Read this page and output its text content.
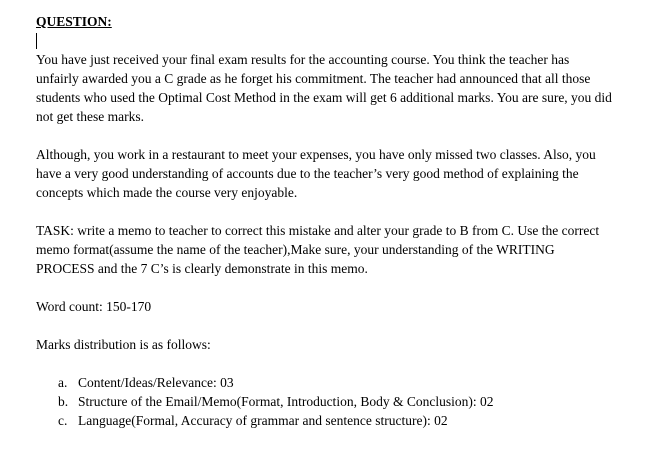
QUESTION:

You have just received your final exam results for the accounting course. You think the teacher has unfairly awarded you a C grade as he forget his commitment. The teacher had announced that all those students who used the Optimal Cost Method in the exam will get 6 additional marks. You are sure, you did not get these marks.

Although, you work in a restaurant to meet your expenses, you have only missed two classes. Also, you have a very good understanding of accounts due to the teacher’s very good method of explaining the concepts which made the course very enjoyable.

TASK: write a memo to teacher to correct this mistake and alter your grade to B from C. Use the correct memo format(assume the name of the teacher),Make sure, your understanding of the WRITING PROCESS and the 7 C’s is clearly demonstrate in this memo.

Word count: 150-170

Marks distribution is as follows:

a. Content/Ideas/Relevance: 03
b. Structure of the Email/Memo(Format, Introduction, Body & Conclusion): 02
c. Language(Formal, Accuracy of grammar and sentence structure): 02
